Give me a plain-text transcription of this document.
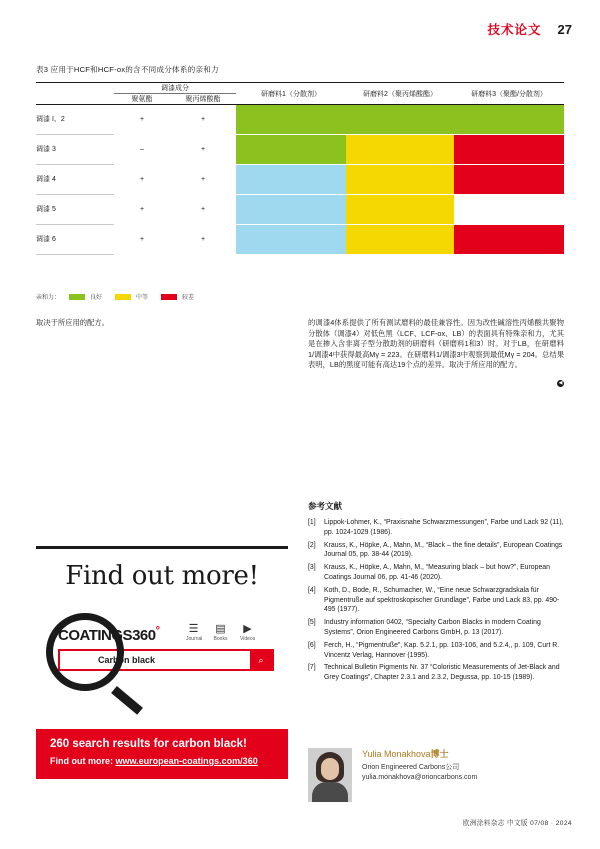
技术论文 27
表3 应用于HCF和HCF-ox的含不同成分体系的亲和力
	调漆成分		研磨料1（分散剂）	研磨料2（聚丙烯酸酯）	研磨料3（聚酯/分散剂）
	聚氨酯	聚丙烯酸酯			

调漆 I、2	+	+			
调漆 3	–	+			
调漆 4	+	+			
调漆 5	+	+			
调漆 6	+	+			
亲和力：	良好	中等	较差

取决于所应用的配方。	的调漆4体系提供了所有测试磨料的最佳兼容性。因为改性碱溶性丙烯酸共聚物分散体（调漆4）对低色黑（LCF、LCF-ox、LB）的表面具有特殊亲和力，尤其是在掺入含非离子型分散助剂的研磨料（研磨料1和3）时。对于LB，在研磨料1/调漆4中获得最高Mγ = 223。在研磨料1/调漆3中观察到最低Mγ = 204。总结果表明，LB的黑度可能有高达19个点的差异。取决于所应用的配方。

◀
参考文献
[1]	Lippok-Lohmer, K., “Praxisnahe Schwarzmessungen”, Farbe und Lack 92 (11), pp. 1024-1029 (1986).
[2]	Krauss, K., Höpke, A., Mahn, M., “Black – the fine details”, European Coatings Journal 05, pp. 38-44 (2019).
[3]	Krauss, K., Höpke, A., Mahn, M., “Measuring black – but how?”, European Coatings Journal 06, pp. 41-46 (2020).
[4]	Koth, D., Bode, R., Schumacher, W., “Eine neue Schwarzgradskala für Pigmentruße auf spektroskopischer Grundlage”, Farbe und Lack 83, pp. 490-495 (1977).
[5]	Industry information 0402, “Specialty Carbon Blacks in modern Coating Systems”, Orion Engineered Carbons GmbH, p. 13 (2017).
[6]	Ferch, H., “Pigmentruße”, Kap. 5.2.1, pp. 103-106, and 5.2.4,, p. 109, Curt R. Vincentz Verlag, Hannover (1995).
[7]	Technical Bulletin Pigments Nr. 37 “Coloristic Measurements of Jet-Black and Grey Coatings”, Chapter 2.3.1 and 2.3.2, Degussa, pp. 10-15 (1989).
Find out more!
COATINGS360°	☰
Journal
▤
Books
▶
Videos
Carbon black	⌕
260 search results for carbon black!
Find out more: www.european-coatings.com/360
Yulia Monakhova博士
Orion Engineered Carbons公司
yulia.monakhova@orioncarbons.com
欧洲涂料杂志 中文版 07/08 · 2024
